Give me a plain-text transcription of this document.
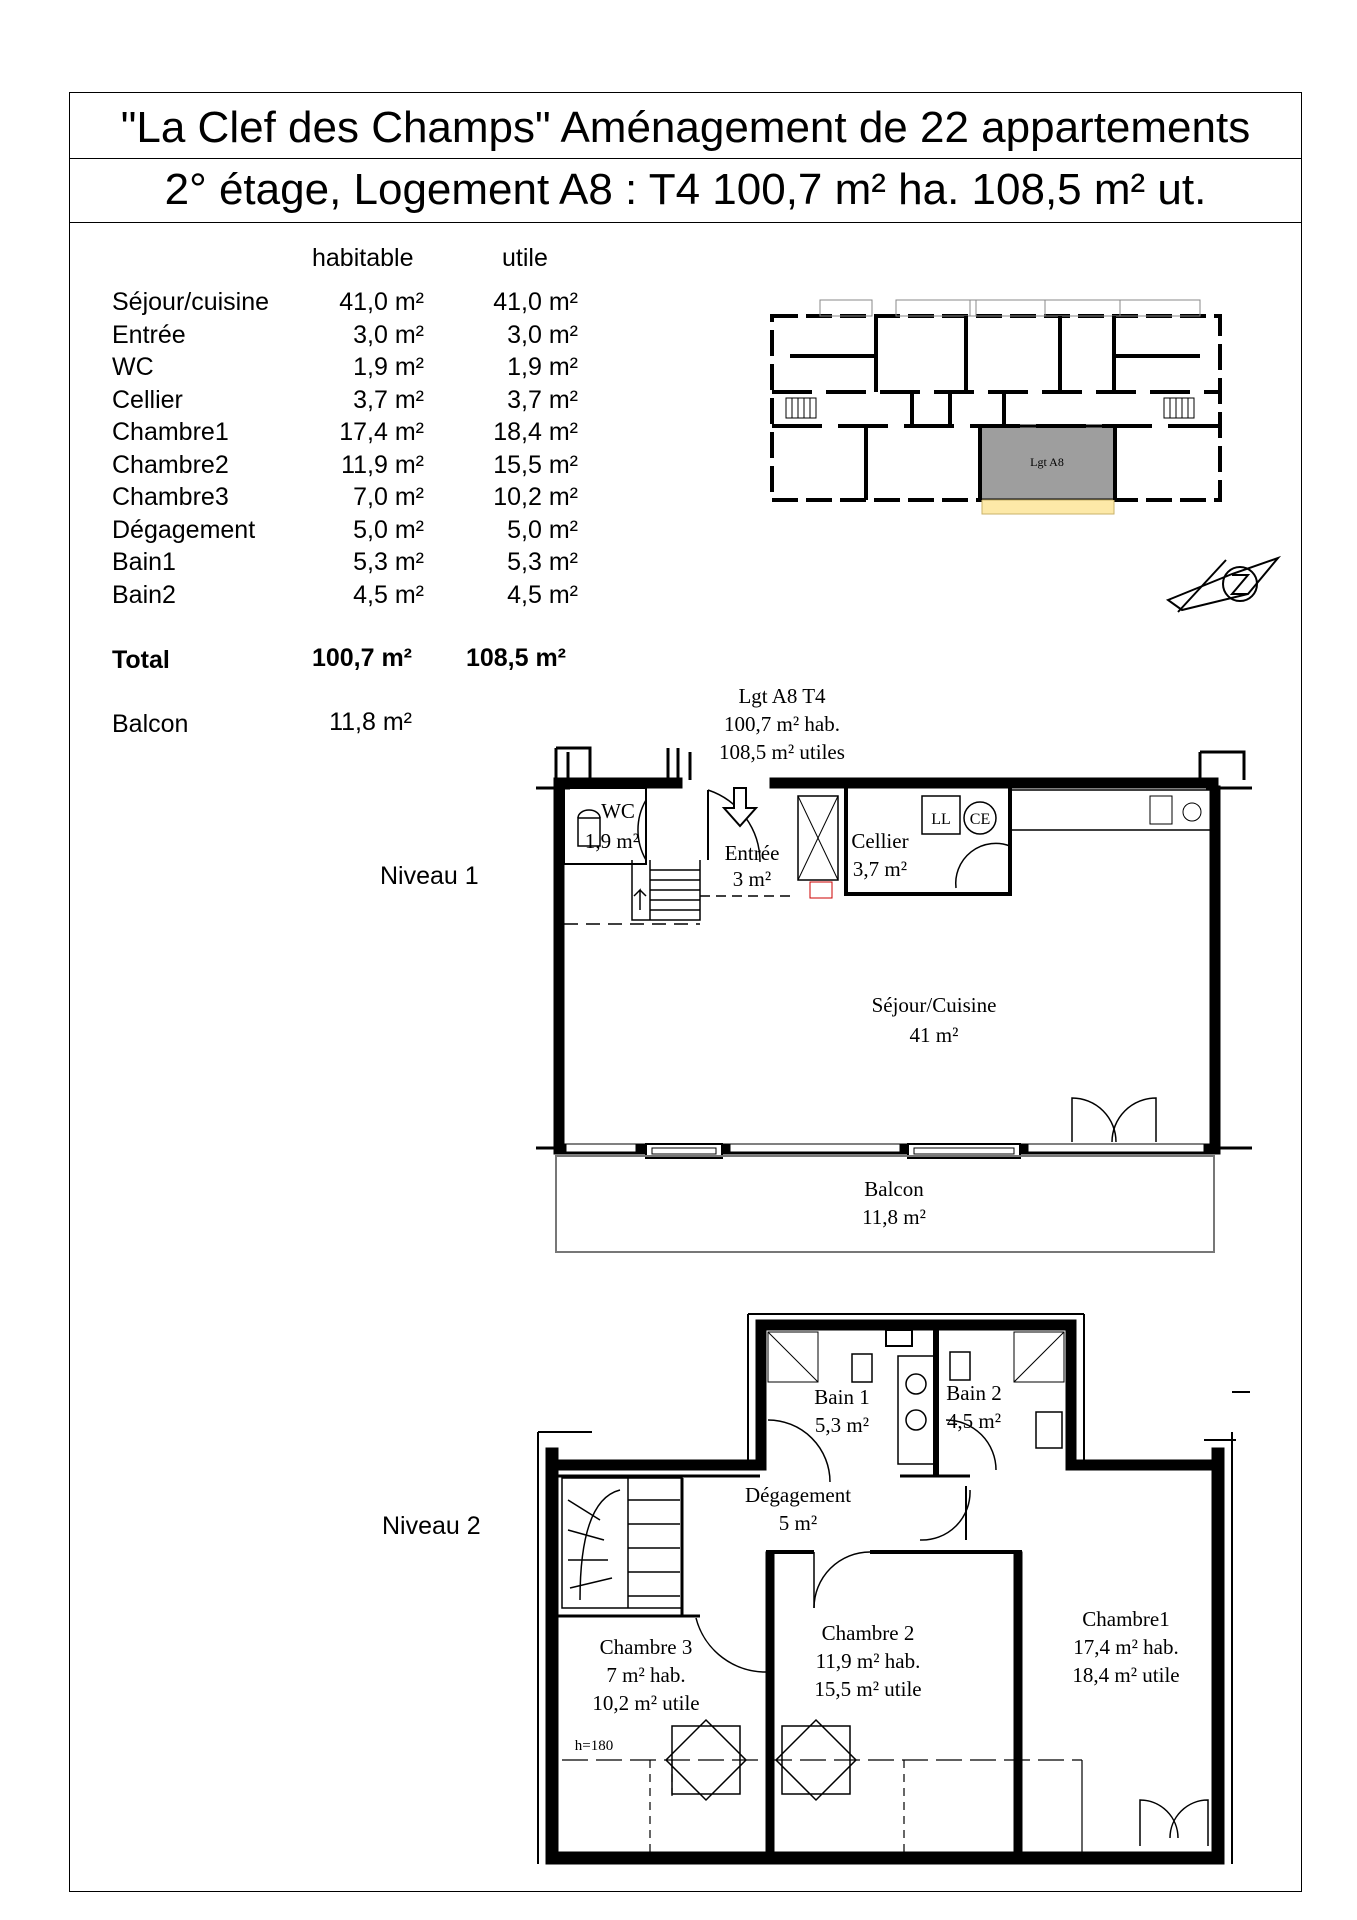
"La Clef des Champs" Aménagement de 22 appartements
2° étage, Logement A8 : T4 100,7 m² ha. 108,5 m² ut.
habitable	utile
Séjour/cuisine	41,0 m²	41,0 m²
Entrée	3,0 m²	3,0 m²
WC	1,9 m²	1,9 m²
Cellier	3,7 m²	3,7 m²
Chambre1	17,4 m²	18,4 m²
Chambre2	11,9 m²	15,5 m²
Chambre3	7,0 m²	10,2 m²
Dégagement	5,0 m²	5,0 m²
Bain1	5,3 m²	5,3 m²
Bain2	4,5 m²	4,5 m²
Total	100,7 m²	108,5 m²
Balcon	11,8 m²
Niveau 1
Niveau 2
Lgt A8
Lgt A8 T4
100,7 m² hab.
108,5 m² utiles
WC
1,9 m²	Entrée
3 m²
Cellier
3,7 m²
LL CE
Séjour/Cuisine
41 m²
Balcon
11,8 m²
Bain 1
5,3 m²
Bain 2
4,5 m²
Dégagement
5 m²
Chambre 3
7 m² hab.
10,2 m² utile
Chambre 2
11,9 m² hab.
15,5 m² utile
Chambre1
17,4 m² hab.
18,4 m² utile
h=180
